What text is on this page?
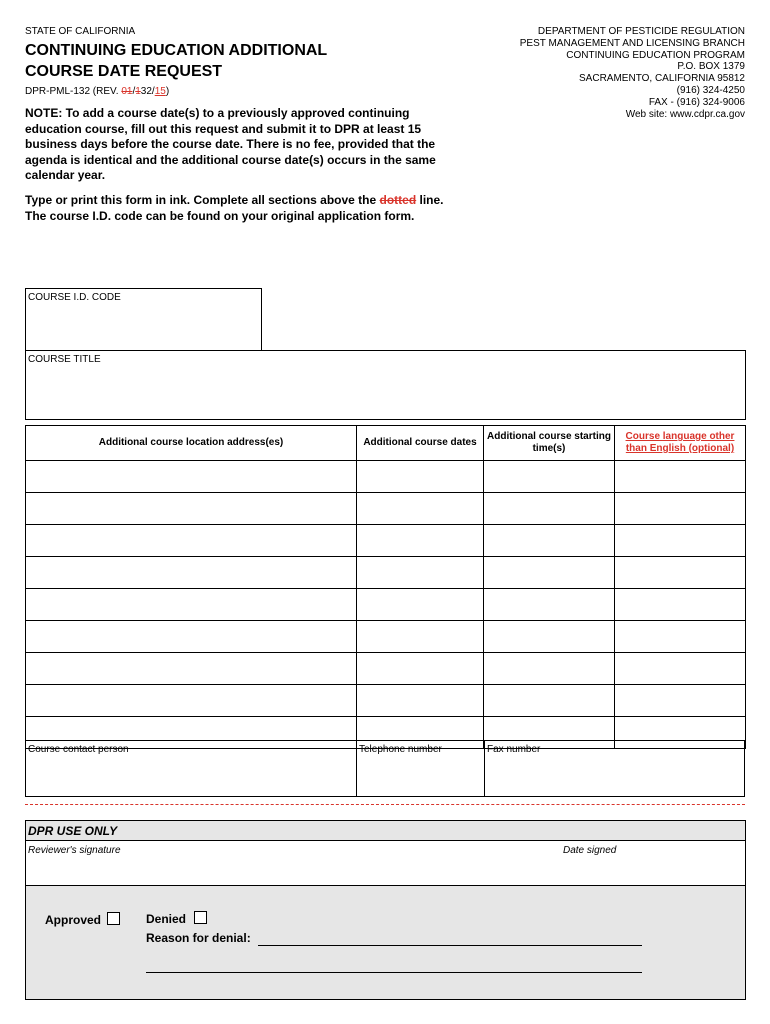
STATE OF CALIFORNIA
CONTINUING EDUCATION ADDITIONAL
COURSE DATE REQUEST
DPR-PML-132 (REV. 01/132/15)
DEPARTMENT OF PESTICIDE REGULATION
PEST MANAGEMENT AND LICENSING BRANCH
CONTINUING EDUCATION PROGRAM
P.O. BOX 1379
SACRAMENTO, CALIFORNIA 95812
(916) 324-4250
FAX - (916) 324-9006
Web site: www.cdpr.ca.gov
NOTE: To add a course date(s) to a previously approved continuing education course, fill out this request and submit it to DPR at least 15 business days before the course date. There is no fee, provided that the agenda is identical and the additional course date(s) occurs in the same calendar year.
Type or print this form in ink. Complete all sections above the dotted line. The course I.D. code can be found on your original application form.
COURSE I.D. CODE
COURSE TITLE
Additional course location address(es)	Additional course dates	Additional course starting time(s)	Course language other than English (optional)

Course contact person	Telephone number	Fax number
DPR USE ONLY
Reviewer's signature	Date signed
Approved	Denied
Reason for denial:
